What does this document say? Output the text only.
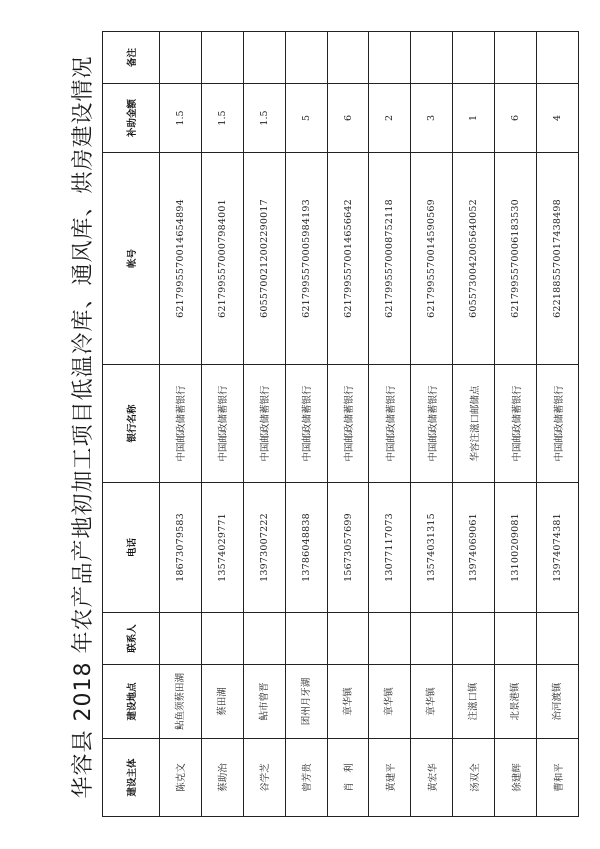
华容县 2018 年农产品产地初加工项目低温冷库、通风库、烘房建设情况	建设主体	建设地点	联系人	电话	银行名称	帐号	补助金额	备注
陈克文	鲇鱼须蔡田湖		18673079583	中国邮政储蓄银行	6217995570014654894	1.5	
蔡助治	蔡田湖		13574029771	中国邮政储蓄银行	6217995570007984001	1.5	
谷学芝	鲇市曾晋		13973007222	中国邮政储蓄银行	6055700212002290017	1.5	
曾芳贵	团州月牙湖		13786048838	中国邮政储蓄银行	6217995570005984193	5	
肖　利	章华镇		15673057699	中国邮政储蓄银行	6217995570014656642	6	
黄建平	章华镇		13077117073	中国邮政储蓄银行	6217995570008752118	2	
黄宏华	章华镇		13574031315	中国邮政储蓄银行	6217995570014590569	3	
汤双全	注滋口镇		13974069061	华容注滋口邮储点	6055730042005640052	1	
徐建辉	北景港镇		13100209081	中国邮政储蓄银行	6217995570006183530	6	
曹和平	治河渡镇		13974074381	中国邮政储蓄银行	6221885570017438498	4	
